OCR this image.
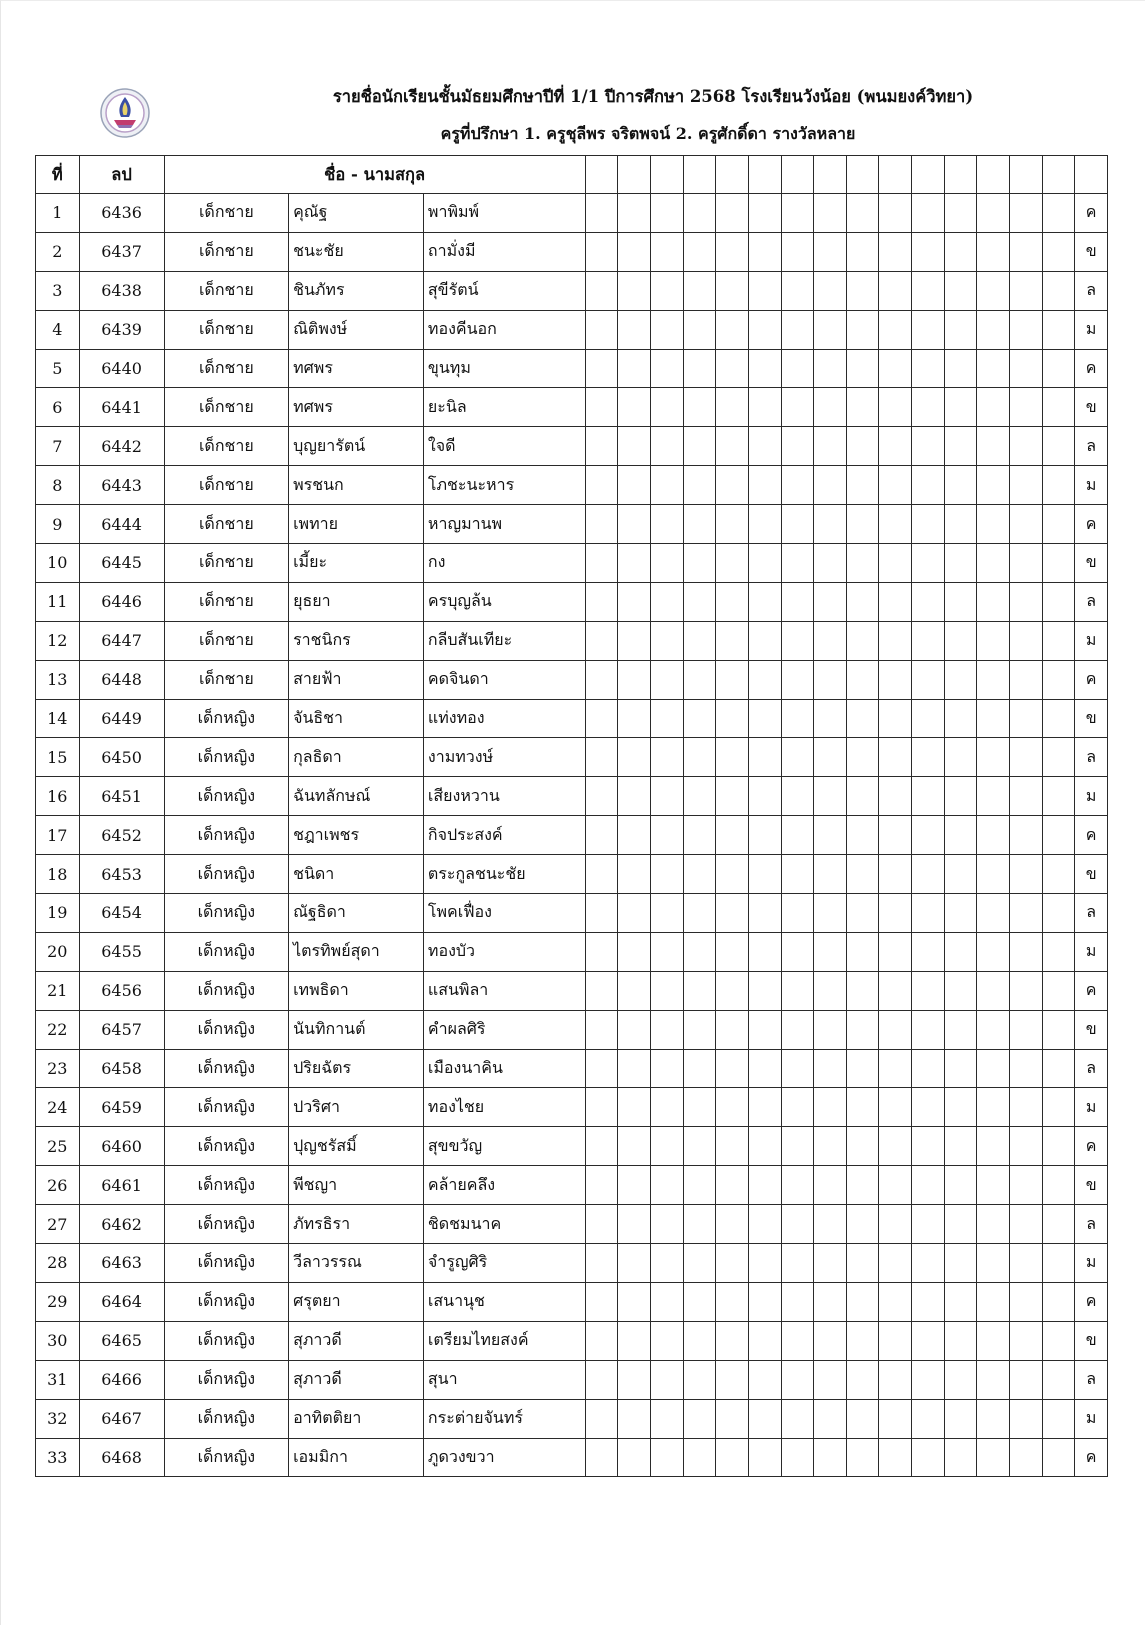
รายชื่อนักเรียนชั้นมัธยมศึกษาปีที่ 1/1 ปีการศึกษา 2568 โรงเรียนวังน้อย (พนมยงค์วิทยา)
ครูที่ปรึกษา 1. ครูชุลีพร จริตพจน์ 2. ครูศักดิ์ดา รางวัลหลาย
ที่	ลป	ชื่อ - นามสกุล																		
1	6436	เด็กชาย	คุณัฐ	พาพิมพ์																ค
2	6437	เด็กชาย	ชนะชัย	ถามั่งมี																ข
3	6438	เด็กชาย	ชินภัทร	สุขีรัตน์																ล
4	6439	เด็กชาย	ณิติพงษ์	ทองคีนอก																ม
5	6440	เด็กชาย	ทศพร	ขุนทุม																ค
6	6441	เด็กชาย	ทศพร	ยะนิล																ข
7	6442	เด็กชาย	บุญยารัตน์	ใจดี																ล
8	6443	เด็กชาย	พรชนก	โภชะนะหาร																ม
9	6444	เด็กชาย	เพทาย	หาญมานพ																ค
10	6445	เด็กชาย	เมี้ยะ	กง																ข
11	6446	เด็กชาย	ยุธยา	ครบุญล้น																ล
12	6447	เด็กชาย	ราชนิกร	กลีบสันเทียะ																ม
13	6448	เด็กชาย	สายฟ้า	คดจินดา																ค
14	6449	เด็กหญิง	จันธิชา	แท่งทอง																ข
15	6450	เด็กหญิง	กุลธิดา	งามทวงษ์																ล
16	6451	เด็กหญิง	ฉันทลักษณ์	เสียงหวาน																ม
17	6452	เด็กหญิง	ชฎาเพชร	กิจประสงค์																ค
18	6453	เด็กหญิง	ชนิดา	ตระกูลชนะชัย																ข
19	6454	เด็กหญิง	ณัฐธิดา	โพคเฟื่อง																ล
20	6455	เด็กหญิง	ไตรทิพย์สุดา	ทองบัว																ม
21	6456	เด็กหญิง	เทพธิดา	แสนพิลา																ค
22	6457	เด็กหญิง	นันทิกานต์	คำผลศิริ																ข
23	6458	เด็กหญิง	ปริยฉัตร	เมืองนาคิน																ล
24	6459	เด็กหญิง	ปวริศา	ทองไชย																ม
25	6460	เด็กหญิง	ปุญชรัสมิ์	สุขขวัญ																ค
26	6461	เด็กหญิง	พีชญา	คล้ายคลึง																ข
27	6462	เด็กหญิง	ภัทรธิรา	ชิดชมนาค																ล
28	6463	เด็กหญิง	วีลาวรรณ	จำรูญศิริ																ม
29	6464	เด็กหญิง	ศรุตยา	เสนานุช																ค
30	6465	เด็กหญิง	สุภาวดี	เตรียมไทยสงค์																ข
31	6466	เด็กหญิง	สุภาวดี	สุนา																ล
32	6467	เด็กหญิง	อาทิตติยา	กระต่ายจันทร์																ม
33	6468	เด็กหญิง	เอมมิกา	ภูดวงขวา																ค
